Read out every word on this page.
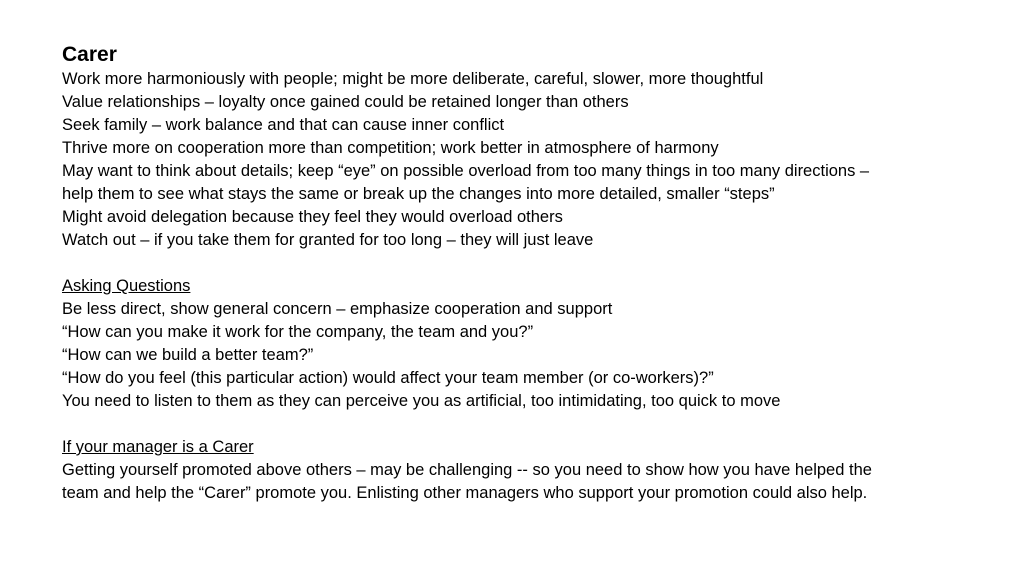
Carer

Work more harmoniously with people; might be more deliberate, careful, slower, more thoughtful

Value relationships – loyalty once gained could be retained longer than others

Seek family – work balance and that can cause inner conflict

Thrive more on cooperation more than competition; work better in atmosphere of harmony

May want to think about details; keep “eye” on possible overload from too many things in too many directions –

help them to see what stays the same or break up the changes into more detailed, smaller “steps”

Might avoid delegation because they feel they would overload others

Watch out – if you take them for granted for too long – they will just leave

Asking Questions

Be less direct, show general concern – emphasize cooperation and support

“How can you make it work for the company, the team and you?”

“How can we build a better team?”

“How do you feel (this particular action) would affect your team member (or co-workers)?”

You need to listen to them as they can perceive you as artificial, too intimidating, too quick to move

If your manager is a Carer

Getting yourself promoted above others – may be challenging -- so you need to show how you have helped the

team and help the “Carer” promote you. Enlisting other managers who support your promotion could also help.
